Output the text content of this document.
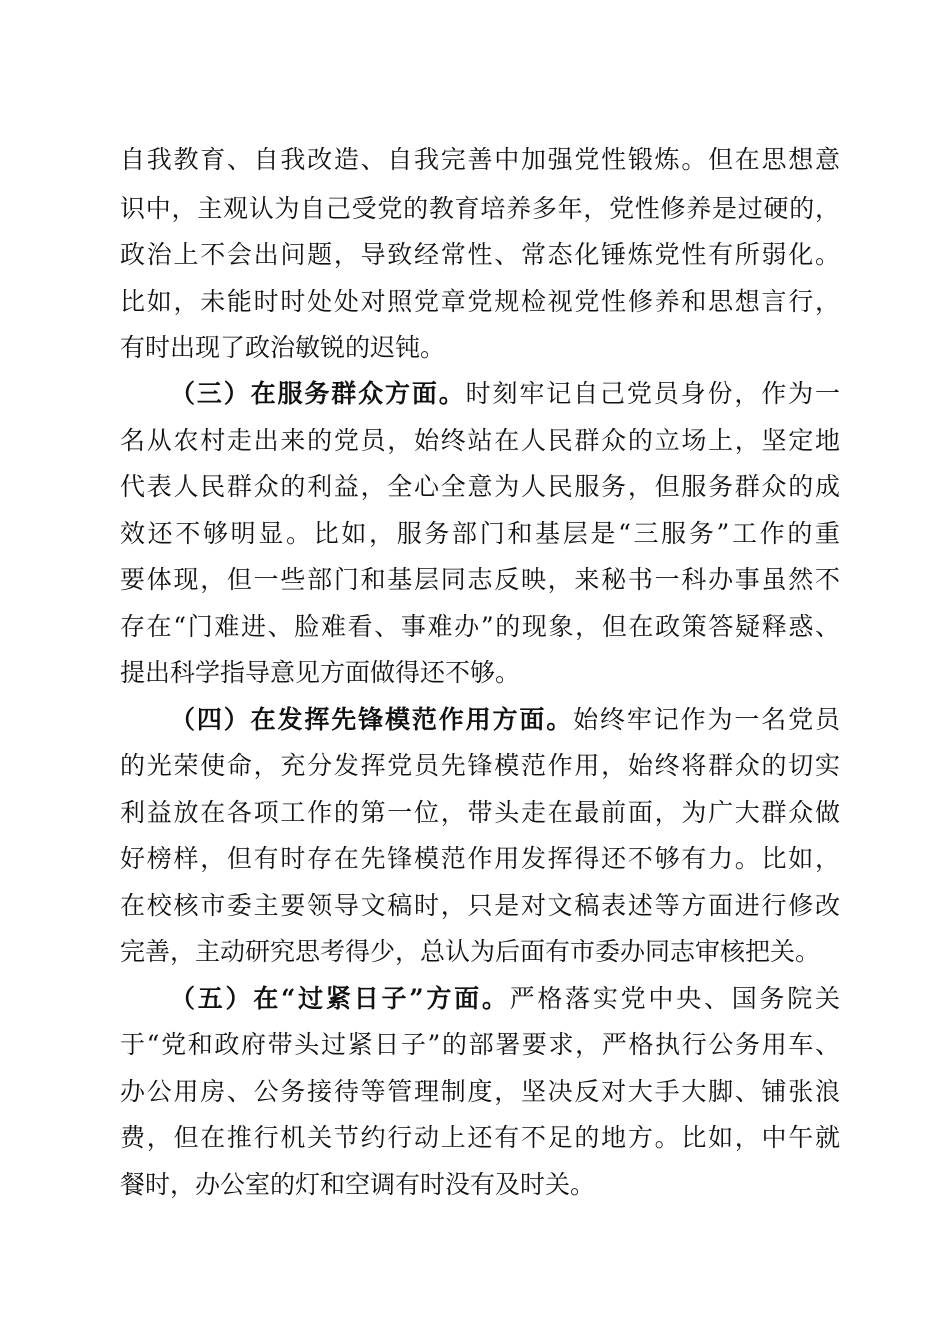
自我教育、自我改造、自我完善中加强党性锻炼。但在思想意
识中，主观认为自己受党的教育培养多年，党性修养是过硬的，
政治上不会出问题，导致经常性、常态化锤炼党性有所弱化。
比如，未能时时处处对照党章党规检视党性修养和思想言行，
有时出现了政治敏锐的迟钝。
（三）在服务群众方面。时刻牢记自己党员身份，作为一
名从农村走出来的党员，始终站在人民群众的立场上，坚定地
代表人民群众的利益，全心全意为人民服务，但服务群众的成
效还不够明显。比如，服务部门和基层是“三服务”工作的重
要体现，但一些部门和基层同志反映，来秘书一科办事虽然不
存在“门难进、脸难看、事难办”的现象，但在政策答疑释惑、
提出科学指导意见方面做得还不够。
（四）在发挥先锋模范作用方面。始终牢记作为一名党员
的光荣使命，充分发挥党员先锋模范作用，始终将群众的切实
利益放在各项工作的第一位，带头走在最前面，为广大群众做
好榜样，但有时存在先锋模范作用发挥得还不够有力。比如，
在校核市委主要领导文稿时，只是对文稿表述等方面进行修改
完善，主动研究思考得少，总认为后面有市委办同志审核把关。
（五）在“过紧日子”方面。严格落实党中央、国务院关
于“党和政府带头过紧日子”的部署要求，严格执行公务用车、
办公用房、公务接待等管理制度，坚决反对大手大脚、铺张浪
费，但在推行机关节约行动上还有不足的地方。比如，中午就
餐时，办公室的灯和空调有时没有及时关。
